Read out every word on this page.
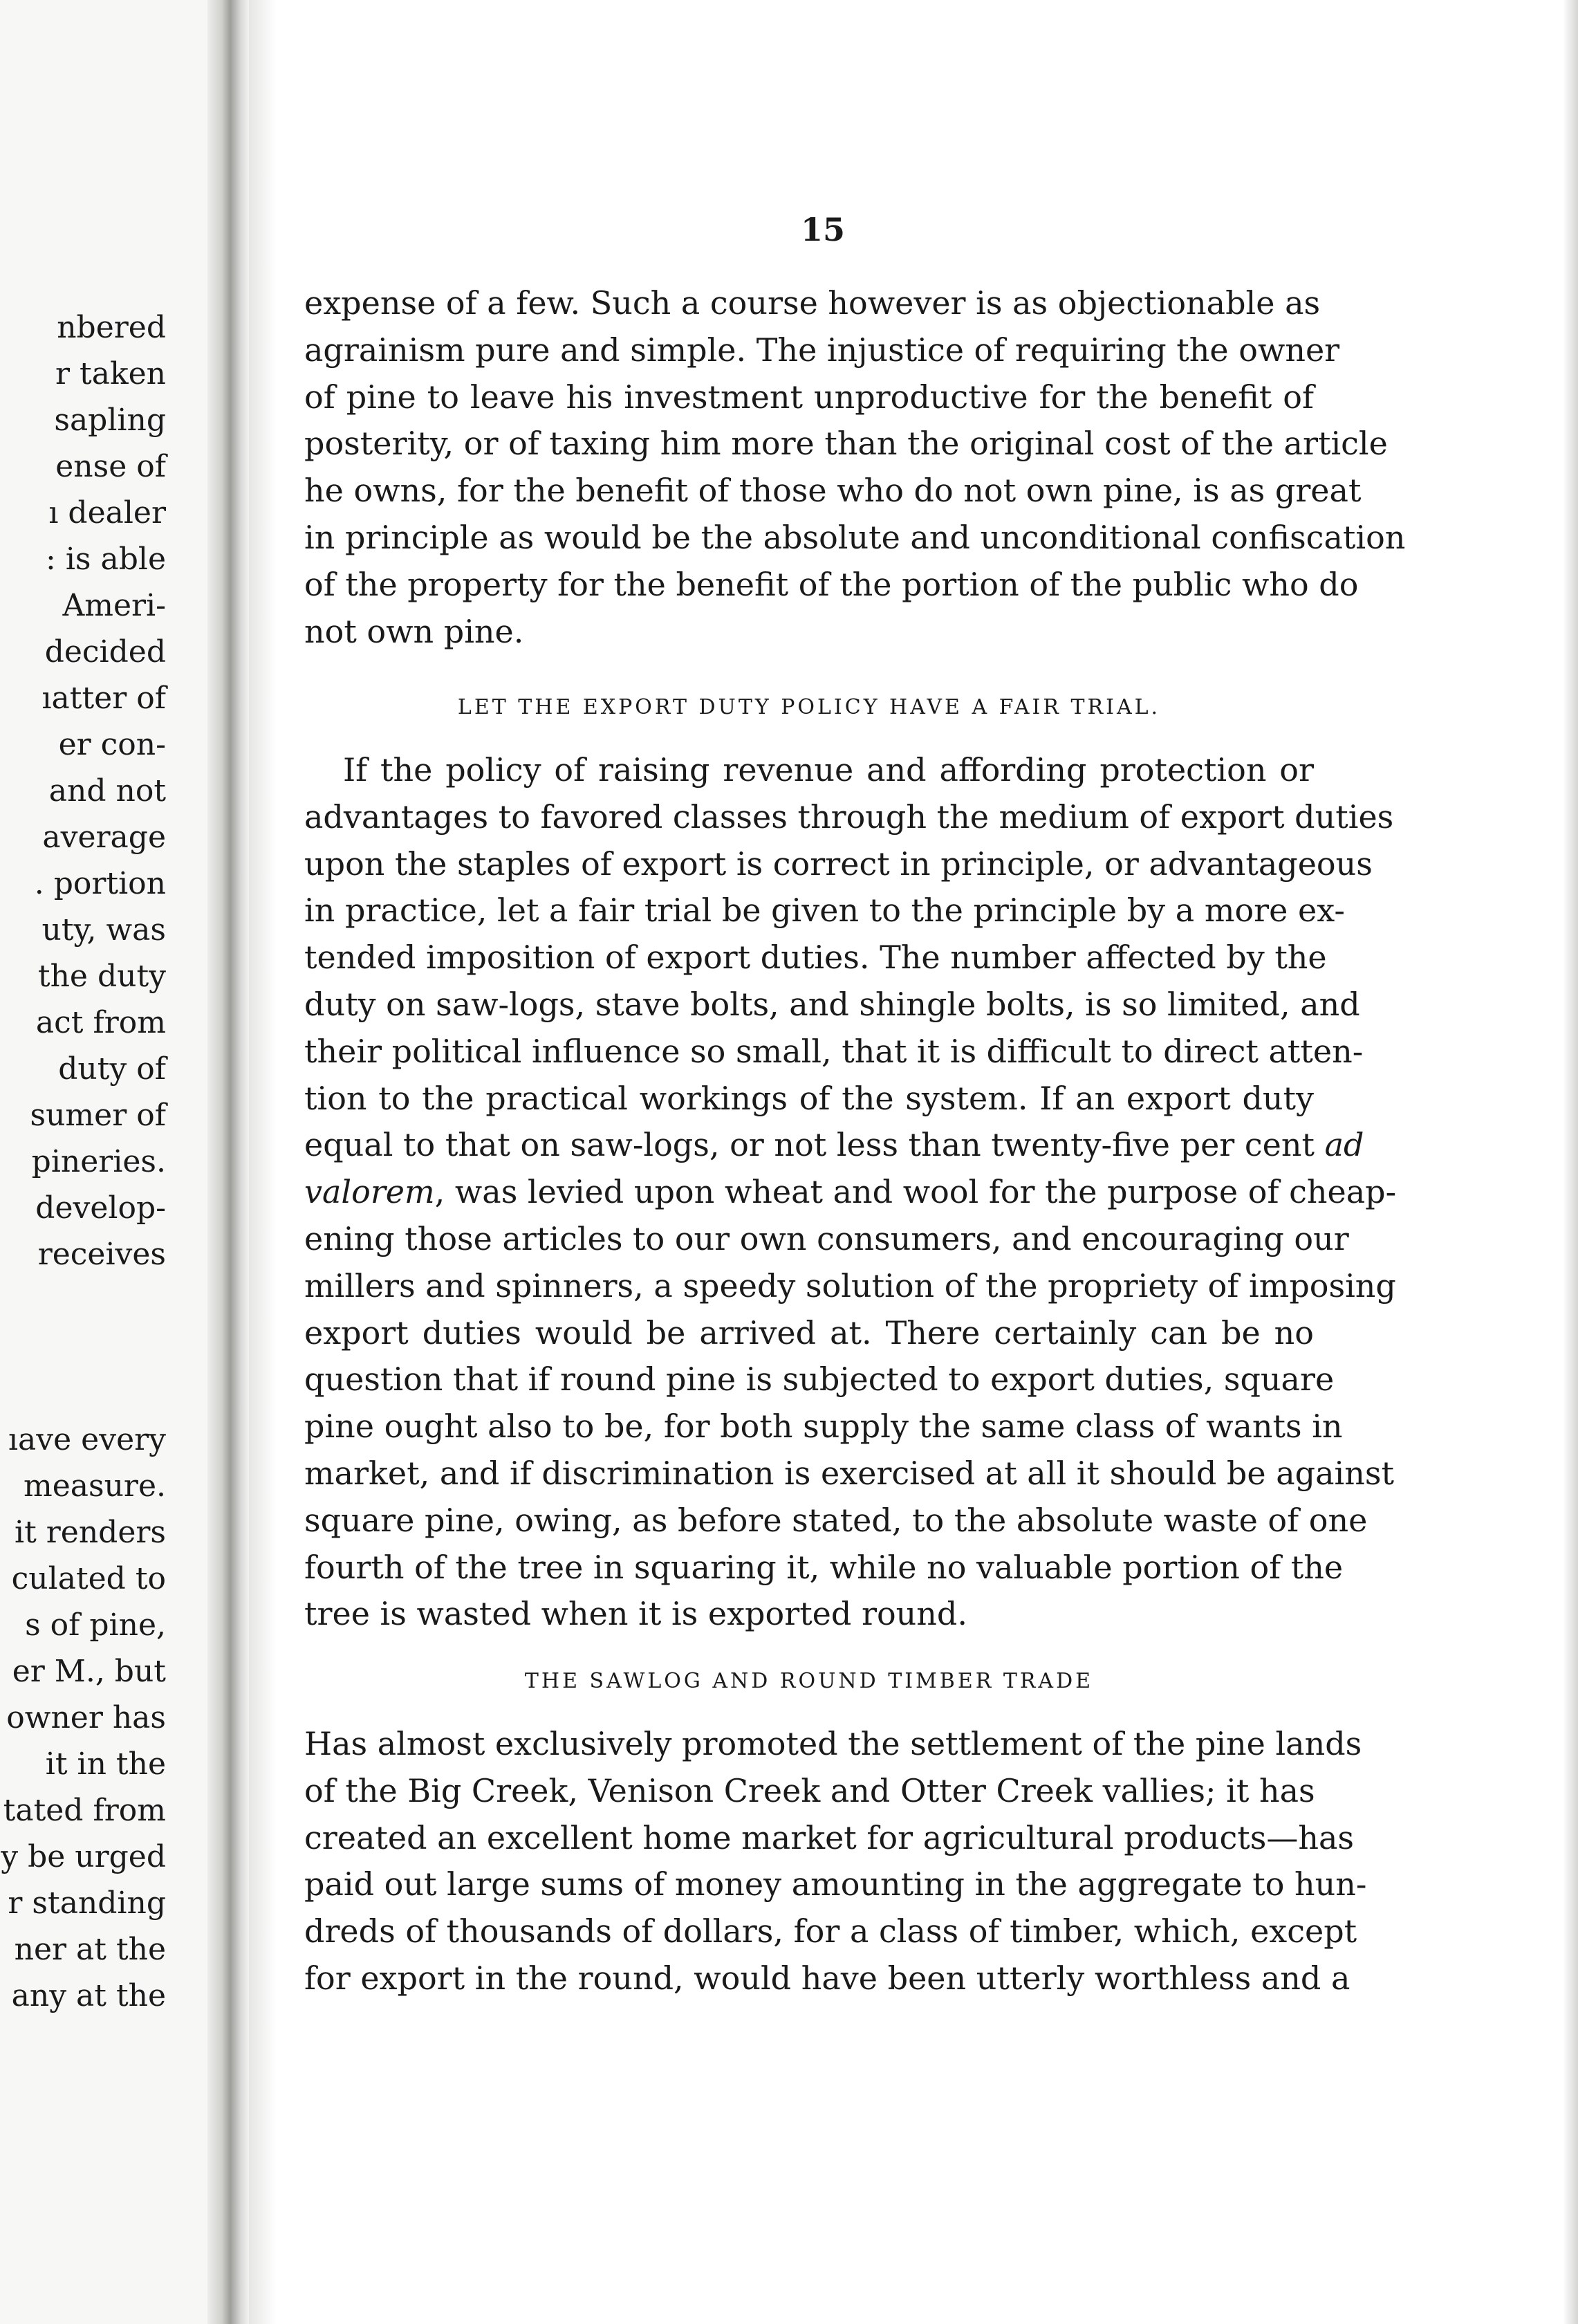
nbered
r taken
sapling
ense of
ı dealer
: is able
Ameri-
decided
ıatter of
er con-
and not
average
. portion
uty, was
the duty
act from
duty of
sumer of
pineries.
develop-
receives
ıave every
measure.
it renders
culated to
s of pine,
er M., but
owner has
it in the
tated from
y be urged
r standing
ner at the
any at the
15
expense of a few. Such a course however is as objectionable as
agrainism pure and simple. The injustice of requiring the owner
of pine to leave his investment unproductive for the benefit of
posterity, or of taxing him more than the original cost of the article
he owns, for the benefit of those who do not own pine, is as great
in principle as would be the absolute and unconditional confiscation
of the property for the benefit of the portion of the public who do
not own pine.
LET THE EXPORT DUTY POLICY HAVE A FAIR TRIAL.
If the policy of raising revenue and affording protection or
advantages to favored classes through the medium of export duties
upon the staples of export is correct in principle, or advantageous
in practice, let a fair trial be given to the principle by a more ex-
tended imposition of export duties. The number affected by the
duty on saw-logs, stave bolts, and shingle bolts, is so limited, and
their political influence so small, that it is difficult to direct atten-
tion to the practical workings of the system. If an export duty
equal to that on saw-logs, or not less than twenty-five per cent ad
valorem, was levied upon wheat and wool for the purpose of cheap-
ening those articles to our own consumers, and encouraging our
millers and spinners, a speedy solution of the propriety of imposing
export duties would be arrived at. There certainly can be no
question that if round pine is subjected to export duties, square
pine ought also to be, for both supply the same class of wants in
market, and if discrimination is exercised at all it should be against
square pine, owing, as before stated, to the absolute waste of one
fourth of the tree in squaring it, while no valuable portion of the
tree is wasted when it is exported round.
THE SAWLOG AND ROUND TIMBER TRADE
Has almost exclusively promoted the settlement of the pine lands
of the Big Creek, Venison Creek and Otter Creek vallies; it has
created an excellent home market for agricultural products—has
paid out large sums of money amounting in the aggregate to hun-
dreds of thousands of dollars, for a class of timber, which, except
for export in the round, would have been utterly worthless and a
